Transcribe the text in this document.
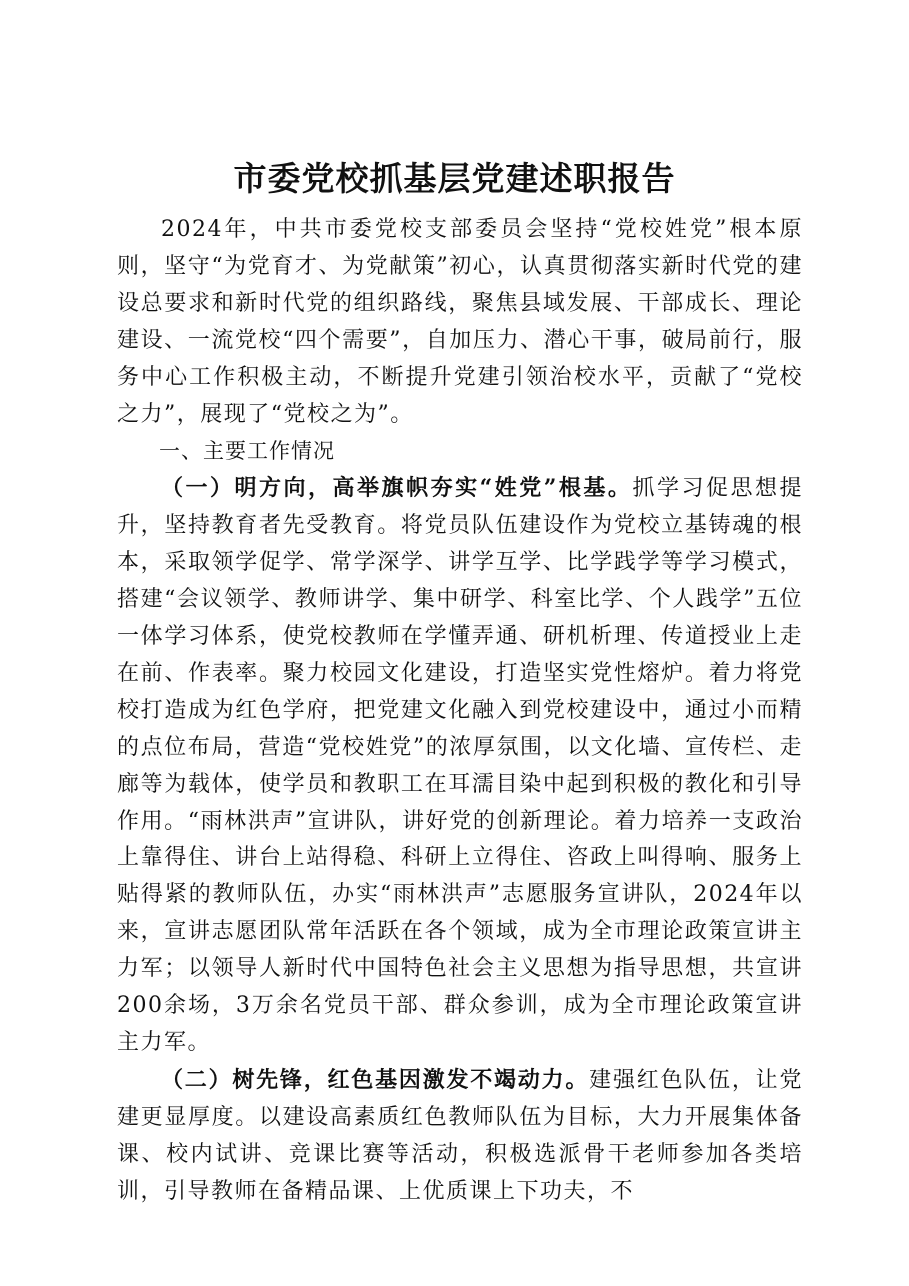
市委党校抓基层党建述职报告

2024年，中共市委党校支部委员会坚持“党校姓党”根本原则，坚守“为党育才、为党献策”初心，认真贯彻落实新时代党的建设总要求和新时代党的组织路线，聚焦县域发展、干部成长、理论建设、一流党校“四个需要”，自加压力、潜心干事，破局前行，服务中心工作积极主动，不断提升党建引领治校水平，贡献了“党校之力”，展现了“党校之为”。

一、主要工作情况

（一）明方向，高举旗帜夯实“姓党”根基。抓学习促思想提升，坚持教育者先受教育。将党员队伍建设作为党校立基铸魂的根本，采取领学促学、常学深学、讲学互学、比学践学等学习模式，搭建“会议领学、教师讲学、集中研学、科室比学、个人践学”五位一体学习体系，使党校教师在学懂弄通、研机析理、传道授业上走在前、作表率。聚力校园文化建设，打造坚实党性熔炉。着力将党校打造成为红色学府，把党建文化融入到党校建设中，通过小而精的点位布局，营造“党校姓党”的浓厚氛围，以文化墙、宣传栏、走廊等为载体，使学员和教职工在耳濡目染中起到积极的教化和引导作用。“雨林洪声”宣讲队，讲好党的创新理论。着力培养一支政治上靠得住、讲台上站得稳、科研上立得住、咨政上叫得响、服务上贴得紧的教师队伍，办实“雨林洪声”志愿服务宣讲队，2024年以来，宣讲志愿团队常年活跃在各个领域，成为全市理论政策宣讲主力军；以领导人新时代中国特色社会主义思想为指导思想，共宣讲200余场，3万余名党员干部、群众参训，成为全市理论政策宣讲主力军。

（二）树先锋，红色基因激发不竭动力。建强红色队伍，让党建更显厚度。以建设高素质红色教师队伍为目标，大力开展集体备课、校内试讲、竞课比赛等活动，积极选派骨干老师参加各类培训，引导教师在备精品课、上优质课上下功夫，不
